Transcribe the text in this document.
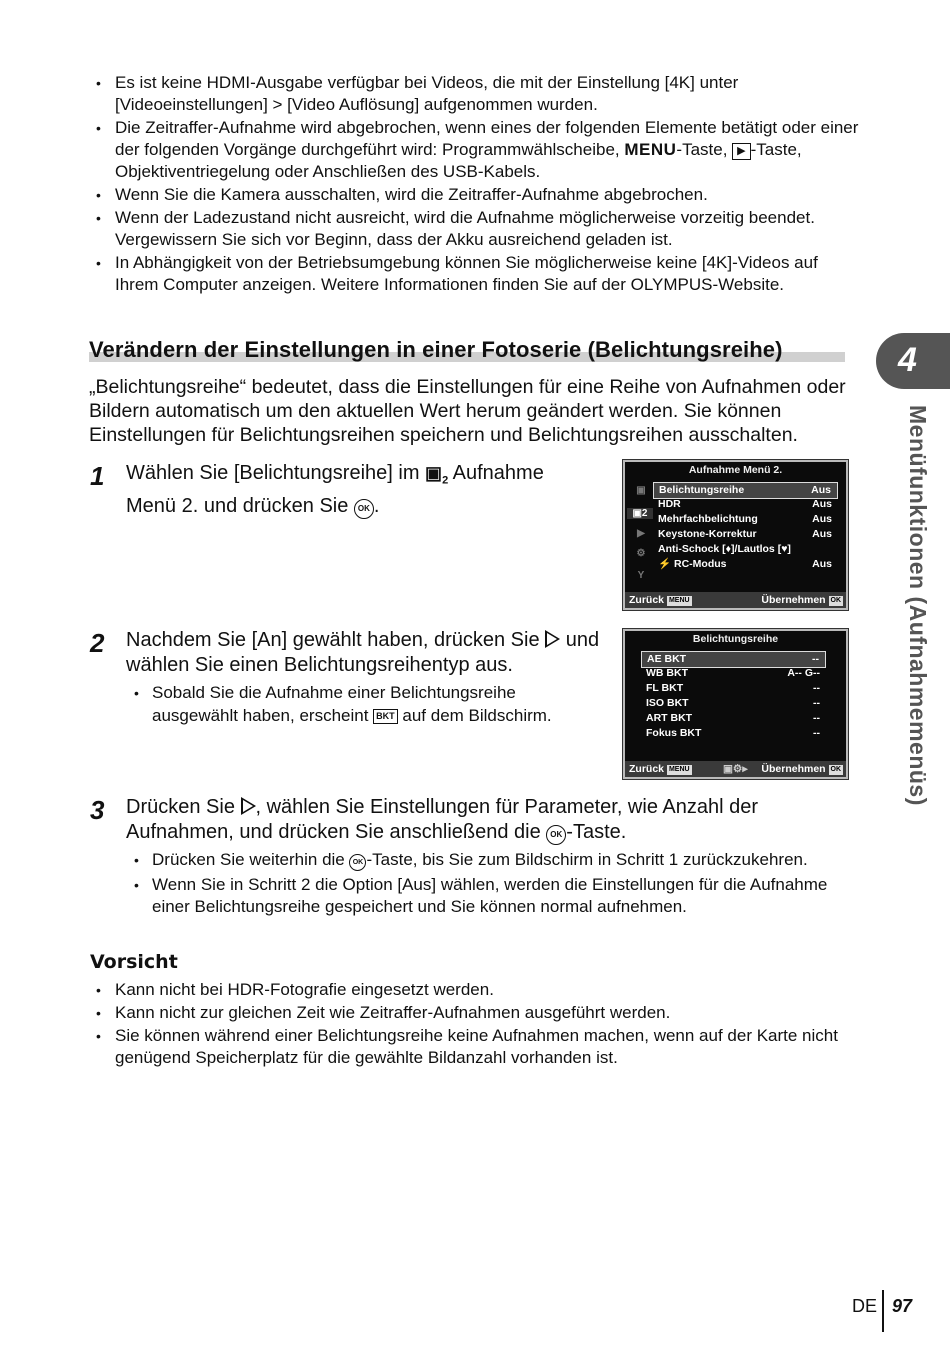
• Es ist keine HDMI-Ausgabe verfügbar bei Videos, die mit der Einstellung [4K] unter [Videoeinstellungen] > [Video Auflösung] aufgenommen wurden.
• Die Zeitraffer-Aufnahme wird abgebrochen, wenn eines der folgenden Elemente betätigt oder einer der folgenden Vorgänge durchgeführt wird: Programmwählscheibe, MENU-Taste, ▶ -Taste, Objektiventriegelung oder Anschließen des USB-Kabels.
• Wenn Sie die Kamera ausschalten, wird die Zeitraffer-Aufnahme abgebrochen.
• Wenn der Ladezustand nicht ausreicht, wird die Aufnahme möglicherweise vorzeitig beendet. Vergewissern Sie sich vor Beginn, dass der Akku ausreichend geladen ist.
• In Abhängigkeit von der Betriebsumgebung können Sie möglicherweise keine [4K]-Videos auf Ihrem Computer anzeigen. Weitere Informationen finden Sie auf der OLYMPUS-Website.
Verändern der Einstellungen in einer Fotoserie (Belichtungsreihe)
„Belichtungsreihe“ bedeutet, dass die Einstellungen für eine Reihe von Aufnahmen oder Bildern automatisch um den aktuellen Wert herum geändert werden. Sie können Einstellungen für Belichtungsreihen speichern und Belichtungsreihen ausschalten.
1 Wählen Sie [Belichtungsreihe] im $▣_2$ Aufnahme Menü 2. und drücken Sie OK .
Aufnahme Menü 2.
▣
▣2
▶
⚙
Y
Belichtungsreihe	Aus
HDR	Aus
Mehrfachbelichtung	Aus
Keystone-Korrektur	Aus
Anti-Schock [♦]/Lautlos [♥]
⚡ RC-Modus	Aus
Zurück MENU	Übernehmen OK
2 Nachdem Sie [An] gewählt haben, drücken Sie  und wählen Sie einen Belichtungsreihentyp aus.
• Sobald Sie die Aufnahme einer Belichtungsreihe ausgewählt haben, erscheint BKT auf dem Bildschirm.
Belichtungsreihe
AE BKT	--
WB BKT	A-- G--
FL BKT	--
ISO BKT	--
ART BKT	--
Fokus BKT	--
Zurück MENU	▣⚙▸ Übernehmen OK
3 Drücken Sie , wählen Sie Einstellungen für Parameter, wie Anzahl der Aufnahmen, und drücken Sie anschließend die OK -Taste.
• Drücken Sie weiterhin die OK -Taste, bis Sie zum Bildschirm in Schritt 1 zurückzukehren.
• Wenn Sie in Schritt 2 die Option [Aus] wählen, werden die Einstellungen für die Aufnahme einer Belichtungsreihe gespeichert und Sie können normal aufnehmen.
Vorsicht
• Kann nicht bei HDR-Fotografie eingesetzt werden.
• Kann nicht zur gleichen Zeit wie Zeitraffer-Aufnahmen ausgeführt werden.
• Sie können während einer Belichtungsreihe keine Aufnahmen machen, wenn auf der Karte nicht genügend Speicherplatz für die gewählte Bildanzahl vorhanden ist.
4
Menüfunktionen (Aufnahmemenüs)
DE 97
